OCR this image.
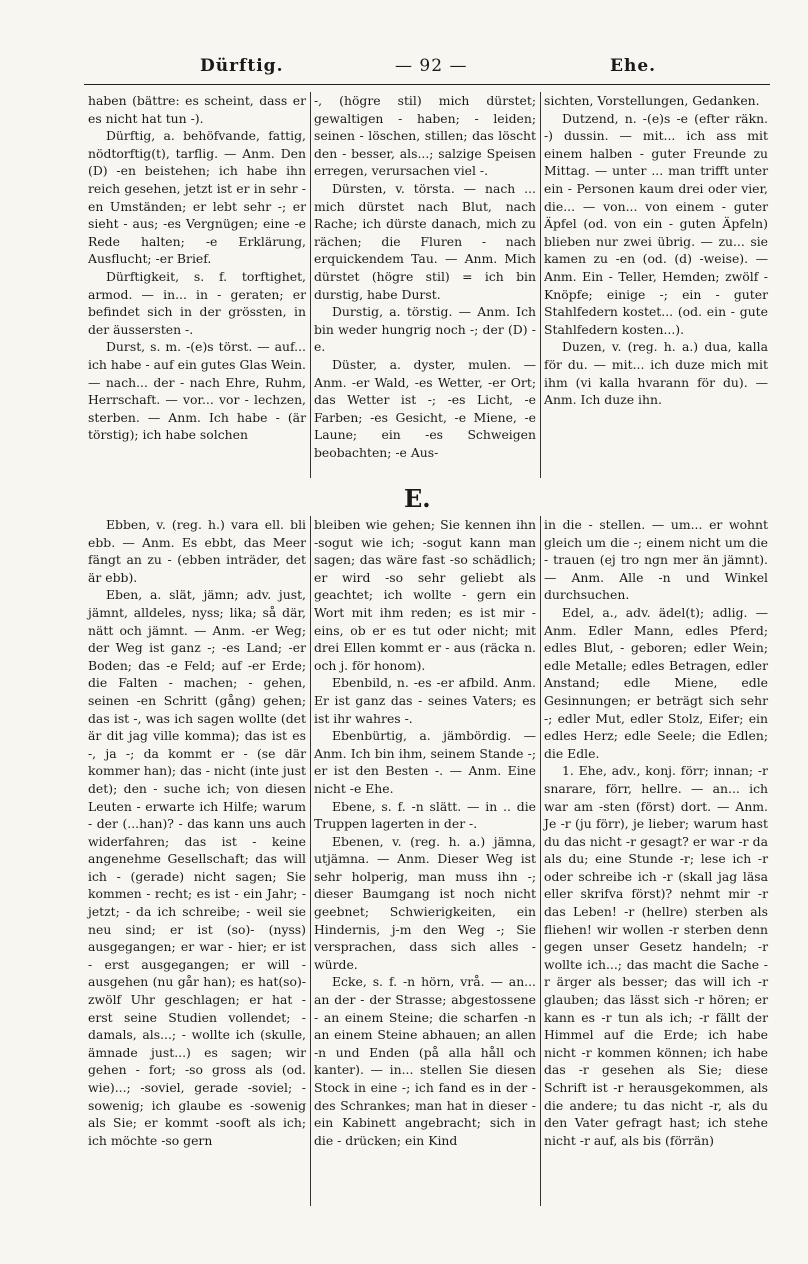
Dürftig.	— 92 —	Ehe.

haben (bättre: es scheint, dass er es nicht hat tun -).

Dürftig, a. behöfvande, fattig, nödtorftig(t), tarflig. — Anm. Den (D) -en beistehen; ich habe ihn reich gesehen, jetzt ist er in sehr -en Umständen; er lebt sehr -; er sieht - aus; -es Vergnügen; eine -e Rede halten; -e Erklärung, Ausflucht; -er Brief.

Dürftigkeit, s. f. torftighet, armod. — in... in - geraten; er befindet sich in der grössten, in der äussersten -.

Durst, s. m. -(e)s törst. — auf... ich habe - auf ein gutes Glas Wein. — nach... der - nach Ehre, Ruhm, Herrschaft. — vor... vor - lechzen, sterben. — Anm. Ich habe - (är törstig); ich habe solchen

-, (högre stil) mich dürstet; gewaltigen - haben; - leiden; seinen - löschen, stillen; das löscht den - besser, als...; salzige Speisen erregen, verursachen viel -.

Dürsten, v. törsta. — nach ... mich dürstet nach Blut, nach Rache; ich dürste danach, mich zu rächen; die Fluren - nach erquickendem Tau. — Anm. Mich dürstet (högre stil) = ich bin durstig, habe Durst.

Durstig, a. törstig. — Anm. Ich bin weder hungrig noch -; der (D) -e.

Düster, a. dyster, mulen. — Anm. -er Wald, -es Wetter, -er Ort; das Wetter ist -; -es Licht, -e Farben; -es Gesicht, -e Miene, -e Laune; ein -es Schweigen beobachten; -e Aus-

sichten, Vorstellungen, Gedanken.

Dutzend, n. -(e)s -e (efter räkn. -) dussin. — mit... ich ass mit einem halben - guter Freunde zu Mittag. — unter ... man trifft unter ein - Personen kaum drei oder vier, die... — von... von einem - guter Äpfel (od. von ein - guten Äpfeln) blieben nur zwei übrig. — zu... sie kamen zu -en (od. (d) -weise). — Anm. Ein - Teller, Hemden; zwölf - Knöpfe; einige -; ein - guter Stahlfedern kostet... (od. ein - gute Stahlfedern kosten...).

Duzen, v. (reg. h. a.) dua, kalla för du. — mit... ich duze mich mit ihm (vi kalla hvarann för du). — Anm. Ich duze ihn.

E.

Ebben, v. (reg. h.) vara ell. bli ebb. — Anm. Es ebbt, das Meer fängt an zu - (ebben inträder, det är ebb).

Eben, a. slät, jämn; adv. just, jämnt, alldeles, nyss; lika; så där, nätt och jämnt. — Anm. -er Weg; der Weg ist ganz -; -es Land; -er Boden; das -e Feld; auf -er Erde; die Falten - machen; - gehen, seinen -en Schritt (gång) gehen; das ist -, was ich sagen wollte (det är dit jag ville komma); das ist es -, ja -; da kommt er - (se där kommer han); das - nicht (inte just det); den - suche ich; von diesen Leuten - erwarte ich Hilfe; warum - der (...han)? - das kann uns auch widerfahren; das ist - keine angenehme Gesellschaft; das will ich - (gerade) nicht sagen; Sie kommen - recht; es ist - ein Jahr; - jetzt; - da ich schreibe; - weil sie neu sind; er ist (so)- (nyss) ausgegangen; er war - hier; er ist - erst ausgegangen; er will - ausgehen (nu går han); es hat(so)- zwölf Uhr geschlagen; er hat - erst seine Studien vollendet; -damals, als...; - wollte ich (skulle, ämnade just...) es sagen; wir gehen - fort; -so gross als (od. wie)...; -soviel, gerade -soviel; -sowenig; ich glaube es -sowenig als Sie; er kommt -sooft als ich; ich möchte -so gern

bleiben wie gehen; Sie kennen ihn -sogut wie ich; -sogut kann man sagen; das wäre fast -so schädlich; er wird -so sehr geliebt als geachtet; ich wollte - gern ein Wort mit ihm reden; es ist mir - eins, ob er es tut oder nicht; mit drei Ellen kommt er - aus (räcka n. och j. för honom).

Ebenbild, n. -es -er afbild. Anm. Er ist ganz das - seines Vaters; es ist ihr wahres -.

Ebenbürtig, a. jämbördig. — Anm. Ich bin ihm, seinem Stande -; er ist den Besten -. — Anm. Eine nicht -e Ehe.

Ebene, s. f. -n slätt. — in .. die Truppen lagerten in der -.

Ebenen, v. (reg. h. a.) jämna, utjämna. — Anm. Dieser Weg ist sehr holperig, man muss ihn -; dieser Baumgang ist noch nicht geebnet; Schwierigkeiten, ein Hindernis, j-m den Weg -; Sie versprachen, dass sich alles - würde.

Ecke, s. f. -n hörn, vrå. — an... an der - der Strasse; abgestossene - an einem Steine; die scharfen -n an einem Steine abhauen; an allen -n und Enden (på alla håll och kanter). — in... stellen Sie diesen Stock in eine -; ich fand es in der - des Schrankes; man hat in dieser - ein Kabinett angebracht; sich in die - drücken; ein Kind

in die - stellen. — um... er wohnt gleich um die -; einem nicht um die - trauen (ej tro ngn mer än jämnt). — Anm. Alle -n und Winkel durchsuchen.

Edel, a., adv. ädel(t); adlig. — Anm. Edler Mann, edles Pferd; edles Blut, - geboren; edler Wein; edle Metalle; edles Betragen, edler Anstand; edle Miene, edle Gesinnungen; er beträgt sich sehr -; edler Mut, edler Stolz, Eifer; ein edles Herz; edle Seele; die Edlen; die Edle.

1. Ehe, adv., konj. förr; innan; -r snarare, förr, hellre. — an... ich war am -sten (först) dort. — Anm. Je -r (ju förr), je lieber; warum hast du das nicht -r gesagt? er war -r da als du; eine Stunde -r; lese ich -r oder schreibe ich -r (skall jag läsa eller skrifva först)? nehmt mir -r das Leben! -r (hellre) sterben als fliehen! wir wollen -r sterben denn gegen unser Gesetz handeln; -r wollte ich...; das macht die Sache -r ärger als besser; das will ich -r glauben; das lässt sich -r hören; er kann es -r tun als ich; -r fällt der Himmel auf die Erde; ich habe nicht -r kommen können; ich habe das -r gesehen als Sie; diese Schrift ist -r herausgekommen, als die andere; tu das nicht -r, als du den Vater gefragt hast; ich stehe nicht -r auf, als bis (förrän)
